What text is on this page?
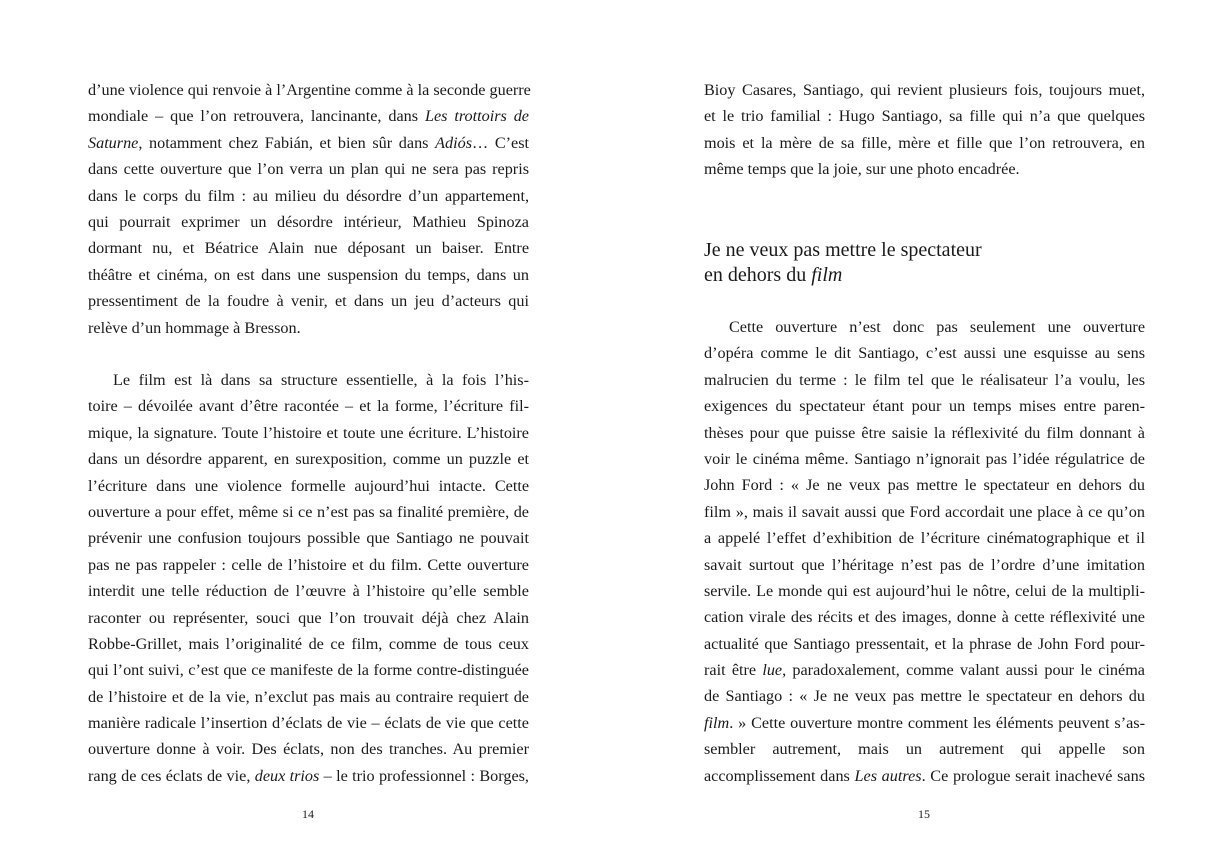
d’une violence qui renvoie à l’Argentine comme à la seconde guerre
mondiale – que l’on retrouvera, lancinante, dans Les trottoirs de
Saturne, notamment chez Fabián, et bien sûr dans Adiós… C’est
dans cette ouverture que l’on verra un plan qui ne sera pas repris
dans le corps du film : au milieu du désordre d’un appartement,
qui pourrait exprimer un désordre intérieur, Mathieu Spinoza
dormant nu, et Béatrice Alain nue déposant un baiser. Entre
théâtre et cinéma, on est dans une suspension du temps, dans un
pressentiment de la foudre à venir, et dans un jeu d’acteurs qui
relève d’un hommage à Bresson.
Le film est là dans sa structure essentielle, à la fois l’his-
toire – dévoilée avant d’être racontée – et la forme, l’écriture fil-
mique, la signature. Toute l’histoire et toute une écriture. L’histoire
dans un désordre apparent, en surexposition, comme un puzzle et
l’écriture dans une violence formelle aujourd’hui intacte. Cette
ouverture a pour effet, même si ce n’est pas sa finalité première, de
prévenir une confusion toujours possible que Santiago ne pouvait
pas ne pas rappeler : celle de l’histoire et du film. Cette ouverture
interdit une telle réduction de l’œuvre à l’histoire qu’elle semble
raconter ou représenter, souci que l’on trouvait déjà chez Alain
Robbe-Grillet, mais l’originalité de ce film, comme de tous ceux
qui l’ont suivi, c’est que ce manifeste de la forme contre-distinguée
de l’histoire et de la vie, n’exclut pas mais au contraire requiert de
manière radicale l’insertion d’éclats de vie – éclats de vie que cette
ouverture donne à voir. Des éclats, non des tranches. Au premier
rang de ces éclats de vie, deux trios – le trio professionnel : Borges,
14
Bioy Casares, Santiago, qui revient plusieurs fois, toujours muet,
et le trio familial : Hugo Santiago, sa fille qui n’a que quelques
mois et la mère de sa fille, mère et fille que l’on retrouvera, en
même temps que la joie, sur une photo encadrée.
Je ne veux pas mettre le spectateur
en dehors du film
Cette ouverture n’est donc pas seulement une ouverture
d’opéra comme le dit Santiago, c’est aussi une esquisse au sens
malrucien du terme : le film tel que le réalisateur l’a voulu, les
exigences du spectateur étant pour un temps mises entre paren-
thèses pour que puisse être saisie la réflexivité du film donnant à
voir le cinéma même. Santiago n’ignorait pas l’idée régulatrice de
John Ford : « Je ne veux pas mettre le spectateur en dehors du
film », mais il savait aussi que Ford accordait une place à ce qu’on
a appelé l’effet d’exhibition de l’écriture cinématographique et il
savait surtout que l’héritage n’est pas de l’ordre d’une imitation
servile. Le monde qui est aujourd’hui le nôtre, celui de la multipli-
cation virale des récits et des images, donne à cette réflexivité une
actualité que Santiago pressentait, et la phrase de John Ford pour-
rait être lue, paradoxalement, comme valant aussi pour le cinéma
de Santiago : « Je ne veux pas mettre le spectateur en dehors du
film. » Cette ouverture montre comment les éléments peuvent s’as-
sembler autrement, mais un autrement qui appelle son
accomplissement dans Les autres. Ce prologue serait inachevé sans
15
